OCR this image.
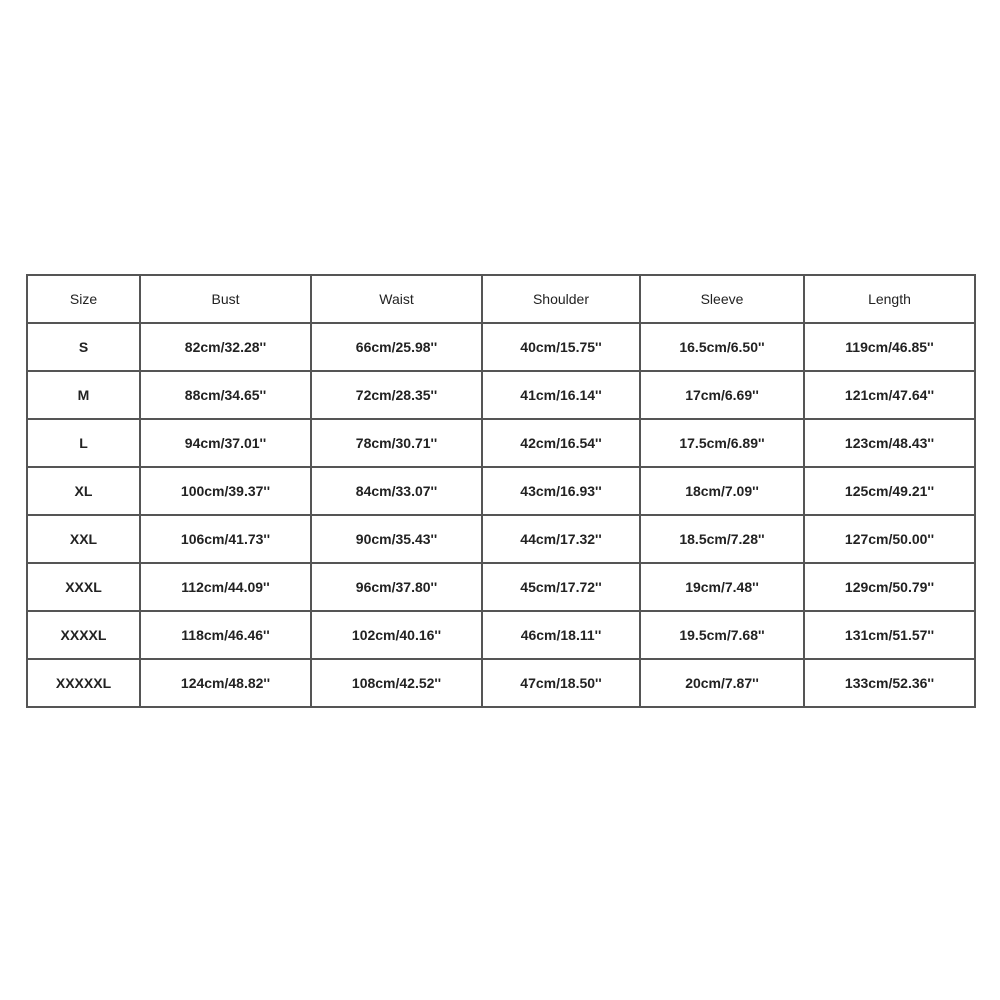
Size	Bust	Waist	Shoulder	Sleeve	Length
S	82cm/32.28''	66cm/25.98''	40cm/15.75''	16.5cm/6.50''	119cm/46.85''
M	88cm/34.65''	72cm/28.35''	41cm/16.14''	17cm/6.69''	121cm/47.64''
L	94cm/37.01''	78cm/30.71''	42cm/16.54''	17.5cm/6.89''	123cm/48.43''
XL	100cm/39.37''	84cm/33.07''	43cm/16.93''	18cm/7.09''	125cm/49.21''
XXL	106cm/41.73''	90cm/35.43''	44cm/17.32''	18.5cm/7.28''	127cm/50.00''
XXXL	112cm/44.09''	96cm/37.80''	45cm/17.72''	19cm/7.48''	129cm/50.79''
XXXXL	118cm/46.46''	102cm/40.16''	46cm/18.11''	19.5cm/7.68''	131cm/51.57''
XXXXXL	124cm/48.82''	108cm/42.52''	47cm/18.50''	20cm/7.87''	133cm/52.36''
